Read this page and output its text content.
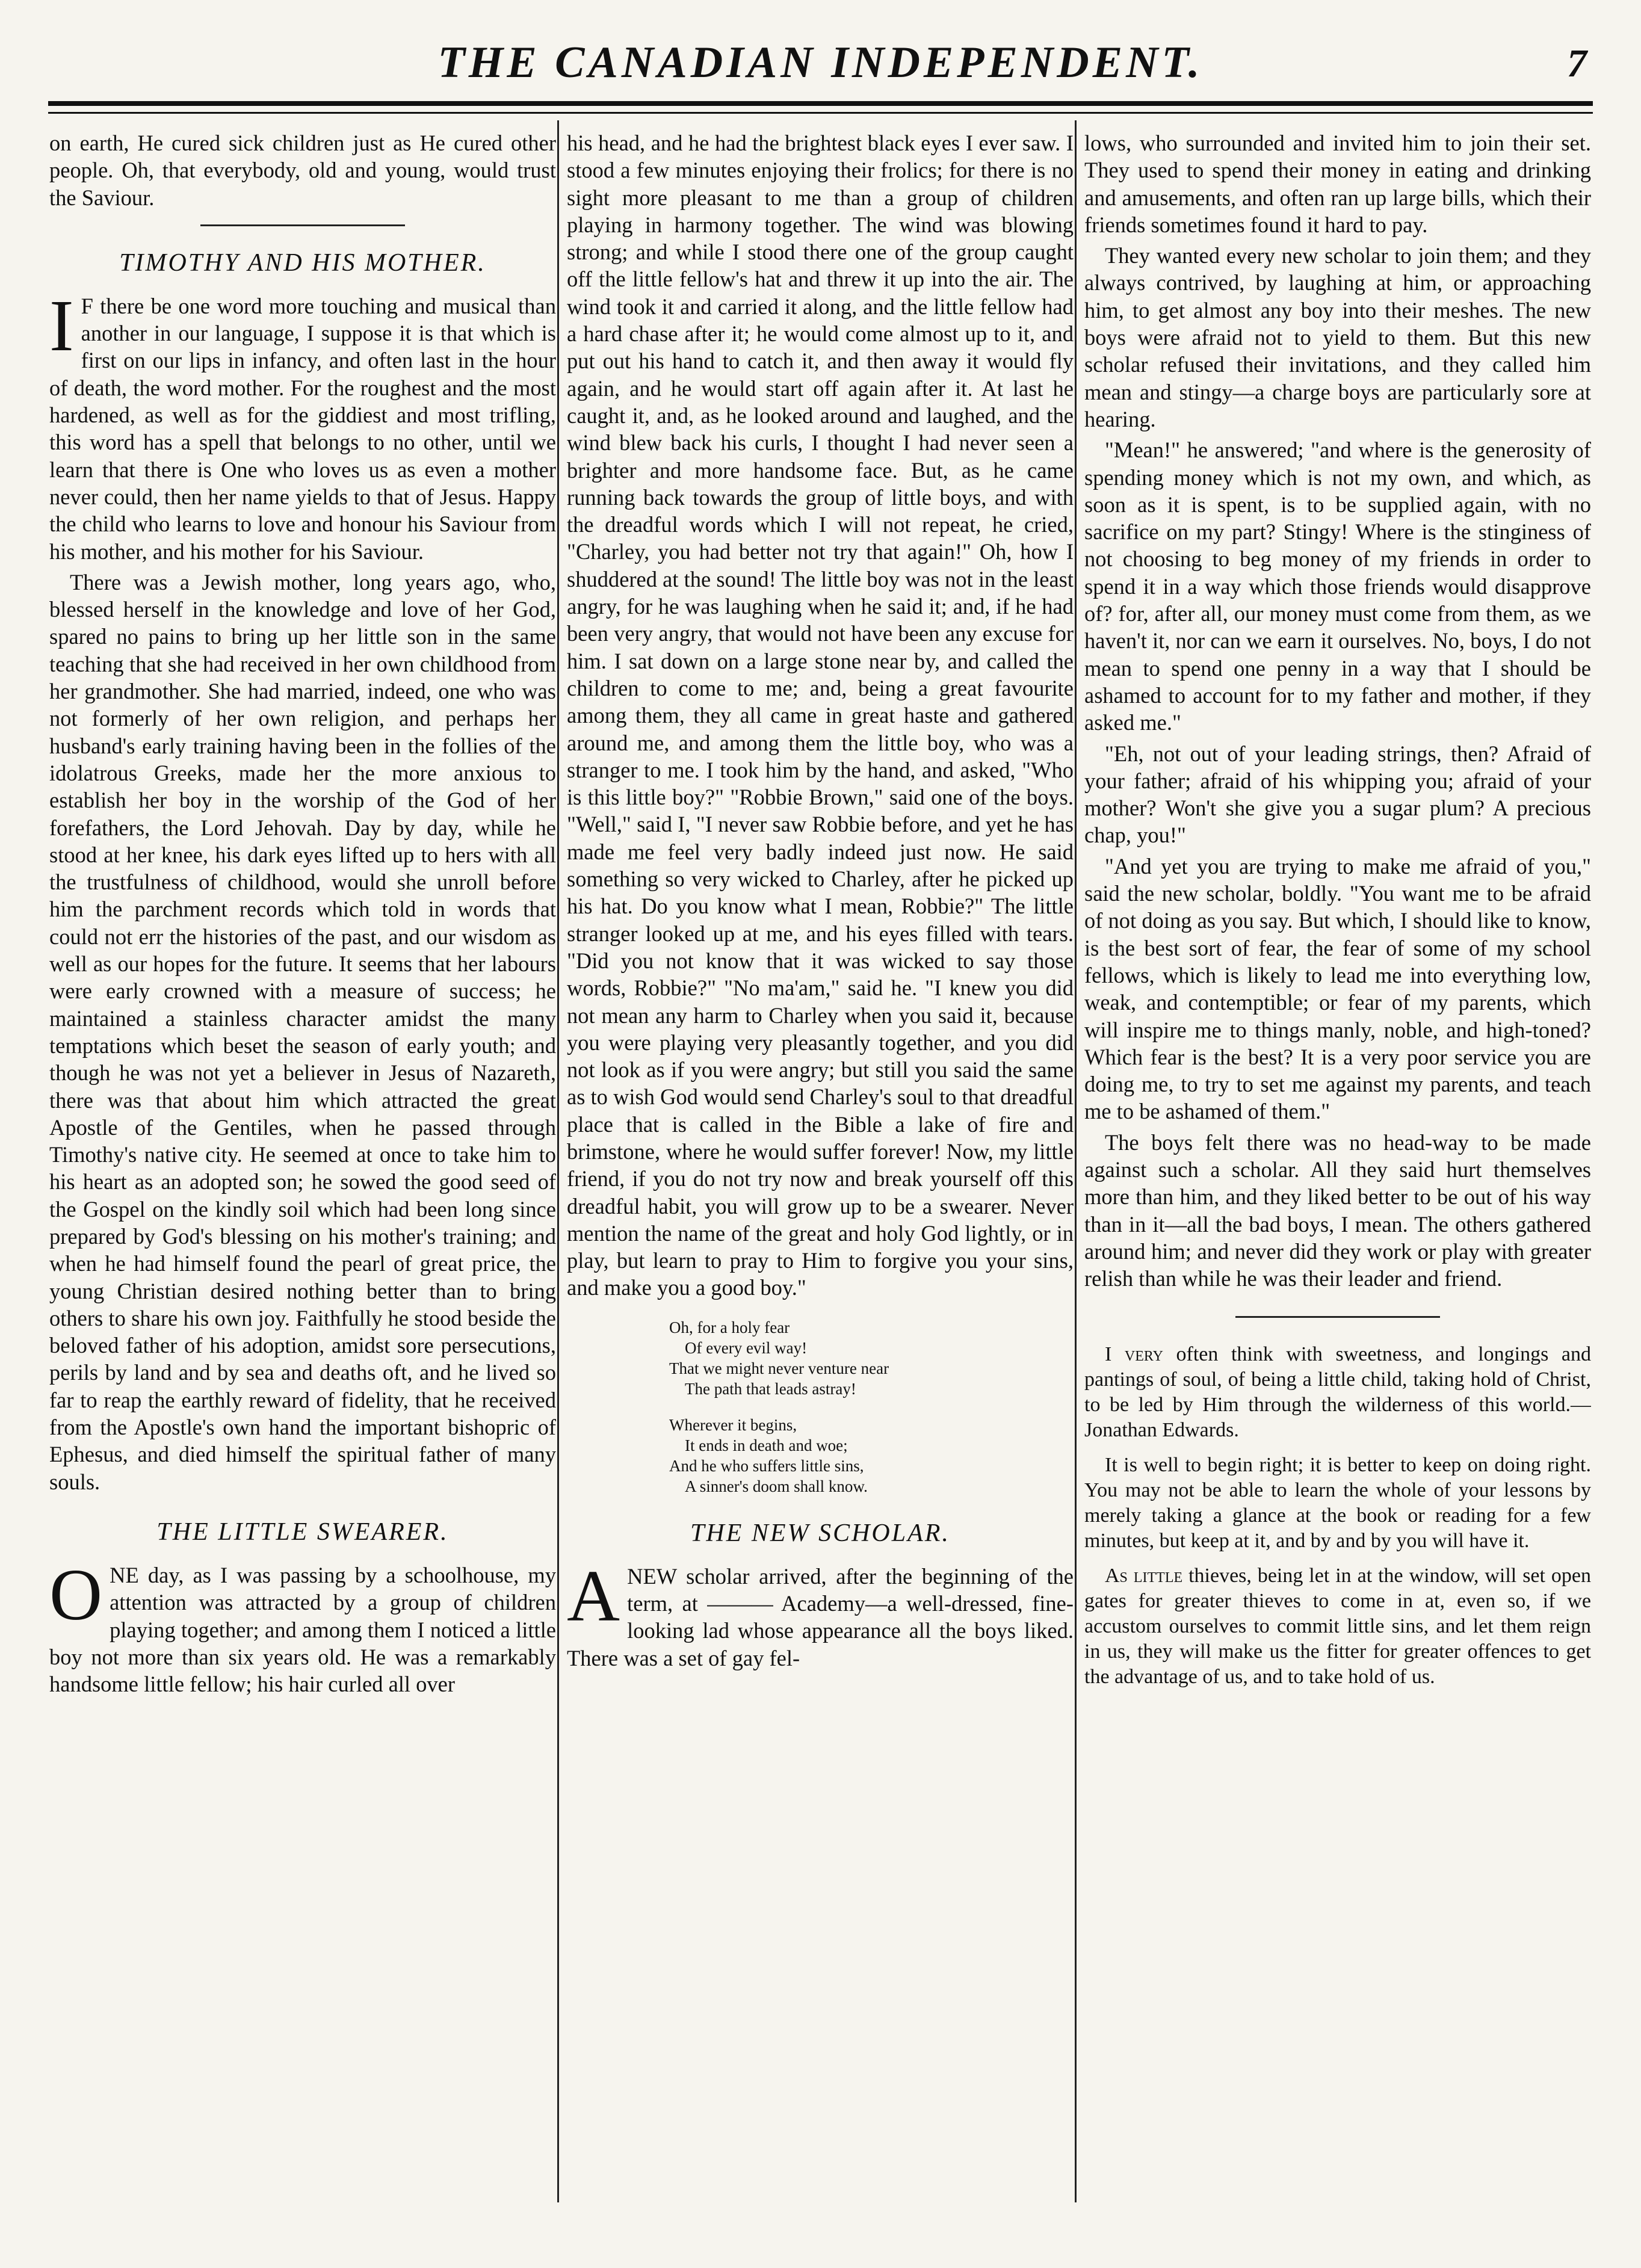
THE CANADIAN INDEPENDENT.	7

on earth, He cured sick children just as He cured other people. Oh, that everybody, old and young, would trust the Saviour.

TIMOTHY AND HIS MOTHER.

I F there be one word more touching and musical than another in our language, I suppose it is that which is first on our lips in infancy, and often last in the hour of death, the word mother. For the roughest and the most hardened, as well as for the giddiest and most trifling, this word has a spell that belongs to no other, until we learn that there is One who loves us as even a mother never could, then her name yields to that of Jesus. Happy the child who learns to love and honour his Saviour from his mother, and his mother for his Saviour.

There was a Jewish mother, long years ago, who, blessed herself in the knowledge and love of her God, spared no pains to bring up her little son in the same teaching that she had received in her own childhood from her grandmother. She had married, indeed, one who was not formerly of her own religion, and perhaps her husband's early training having been in the follies of the idolatrous Greeks, made her the more anxious to establish her boy in the worship of the God of her forefathers, the Lord Jehovah. Day by day, while he stood at her knee, his dark eyes lifted up to hers with all the trustfulness of childhood, would she unroll before him the parchment records which told in words that could not err the histories of the past, and our wisdom as well as our hopes for the future. It seems that her labours were early crowned with a measure of success; he maintained a stainless character amidst the many temptations which beset the season of early youth; and though he was not yet a believer in Jesus of Nazareth, there was that about him which attracted the great Apostle of the Gentiles, when he passed through Timothy's native city. He seemed at once to take him to his heart as an adopted son; he sowed the good seed of the Gospel on the kindly soil which had been long since prepared by God's blessing on his mother's training; and when he had himself found the pearl of great price, the young Christian desired nothing better than to bring others to share his own joy. Faithfully he stood beside the beloved father of his adoption, amidst sore persecutions, perils by land and by sea and deaths oft, and he lived so far to reap the earthly reward of fidelity, that he received from the Apostle's own hand the important bishopric of Ephesus, and died himself the spiritual father of many souls.

THE LITTLE SWEARER.

O NE day, as I was passing by a schoolhouse, my attention was attracted by a group of children playing together; and among them I noticed a little boy not more than six years old. He was a remarkably handsome little fellow; his hair curled all over

his head, and he had the brightest black eyes I ever saw. I stood a few minutes enjoying their frolics; for there is no sight more pleasant to me than a group of children playing in harmony together. The wind was blowing strong; and while I stood there one of the group caught off the little fellow's hat and threw it up into the air. The wind took it and carried it along, and the little fellow had a hard chase after it; he would come almost up to it, and put out his hand to catch it, and then away it would fly again, and he would start off again after it. At last he caught it, and, as he looked around and laughed, and the wind blew back his curls, I thought I had never seen a brighter and more handsome face. But, as he came running back towards the group of little boys, and with the dreadful words which I will not repeat, he cried, "Charley, you had better not try that again!" Oh, how I shuddered at the sound! The little boy was not in the least angry, for he was laughing when he said it; and, if he had been very angry, that would not have been any excuse for him. I sat down on a large stone near by, and called the children to come to me; and, being a great favourite among them, they all came in great haste and gathered around me, and among them the little boy, who was a stranger to me. I took him by the hand, and asked, "Who is this little boy?" "Robbie Brown," said one of the boys. "Well," said I, "I never saw Robbie before, and yet he has made me feel very badly indeed just now. He said something so very wicked to Charley, after he picked up his hat. Do you know what I mean, Robbie?" The little stranger looked up at me, and his eyes filled with tears. "Did you not know that it was wicked to say those words, Robbie?" "No ma'am," said he. "I knew you did not mean any harm to Charley when you said it, because you were playing very pleasantly together, and you did not look as if you were angry; but still you said the same as to wish God would send Charley's soul to that dreadful place that is called in the Bible a lake of fire and brimstone, where he would suffer forever! Now, my little friend, if you do not try now and break yourself off this dreadful habit, you will grow up to be a swearer. Never mention the name of the great and holy God lightly, or in play, but learn to pray to Him to forgive you your sins, and make you a good boy."

Oh, for a holy fear
Of every evil way!
That we might never venture near
The path that leads astray!
Wherever it begins,
It ends in death and woe;
And he who suffers little sins,
A sinner's doom shall know.
THE NEW SCHOLAR.

A NEW scholar arrived, after the beginning of the term, at ——— Academy—a well-dressed, fine-looking lad whose appearance all the boys liked. There was a set of gay fel-

lows, who surrounded and invited him to join their set. They used to spend their money in eating and drinking and amusements, and often ran up large bills, which their friends sometimes found it hard to pay.

They wanted every new scholar to join them; and they always contrived, by laughing at him, or approaching him, to get almost any boy into their meshes. The new boys were afraid not to yield to them. But this new scholar refused their invitations, and they called him mean and stingy—a charge boys are particularly sore at hearing.

"Mean!" he answered; "and where is the generosity of spending money which is not my own, and which, as soon as it is spent, is to be supplied again, with no sacrifice on my part? Stingy! Where is the stinginess of not choosing to beg money of my friends in order to spend it in a way which those friends would disapprove of? for, after all, our money must come from them, as we haven't it, nor can we earn it ourselves. No, boys, I do not mean to spend one penny in a way that I should be ashamed to account for to my father and mother, if they asked me."

"Eh, not out of your leading strings, then? Afraid of your father; afraid of his whipping you; afraid of your mother? Won't she give you a sugar plum? A precious chap, you!"

"And yet you are trying to make me afraid of you," said the new scholar, boldly. "You want me to be afraid of not doing as you say. But which, I should like to know, is the best sort of fear, the fear of some of my school fellows, which is likely to lead me into everything low, weak, and contemptible; or fear of my parents, which will inspire me to things manly, noble, and high-toned? Which fear is the best? It is a very poor service you are doing me, to try to set me against my parents, and teach me to be ashamed of them."

The boys felt there was no head-way to be made against such a scholar. All they said hurt themselves more than him, and they liked better to be out of his way than in it—all the bad boys, I mean. The others gathered around him; and never did they work or play with greater relish than while he was their leader and friend.

I very often think with sweetness, and longings and pantings of soul, of being a little child, taking hold of Christ, to be led by Him through the wilderness of this world.—Jonathan Edwards.

It is well to begin right; it is better to keep on doing right. You may not be able to learn the whole of your lessons by merely taking a glance at the book or reading for a few minutes, but keep at it, and by and by you will have it.

As little thieves, being let in at the window, will set open gates for greater thieves to come in at, even so, if we accustom ourselves to commit little sins, and let them reign in us, they will make us the fitter for greater offences to get the advantage of us, and to take hold of us.
